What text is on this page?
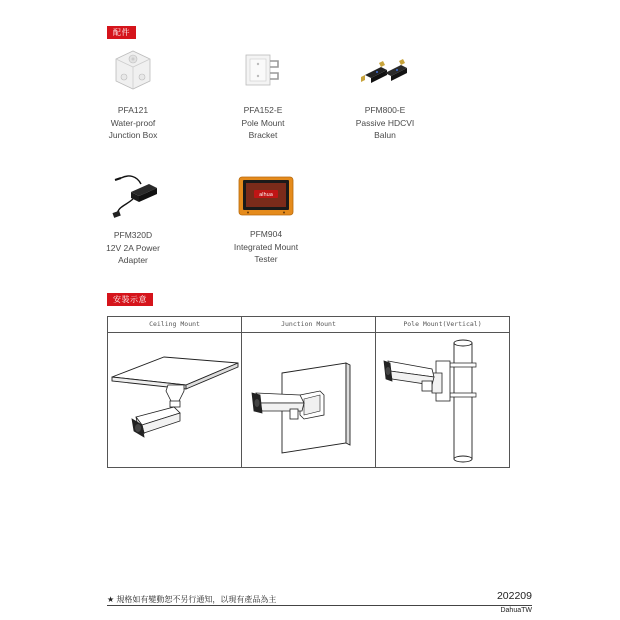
配件
安裝示意
PFA121
Water-proof
Junction Box
PFA152-E
Pole Mount
Bracket
PFM800-E
Passive HDCVI
Balun
PFM320D
12V 2A Power
Adapter
alhua
PFM904
Integrated Mount
Tester
Ceiling Mount	Junction Mount	Pole Mount(Vertical)
★ 規格如有變動恕不另行通知，以現有產品為主	202209
DahuaTW
